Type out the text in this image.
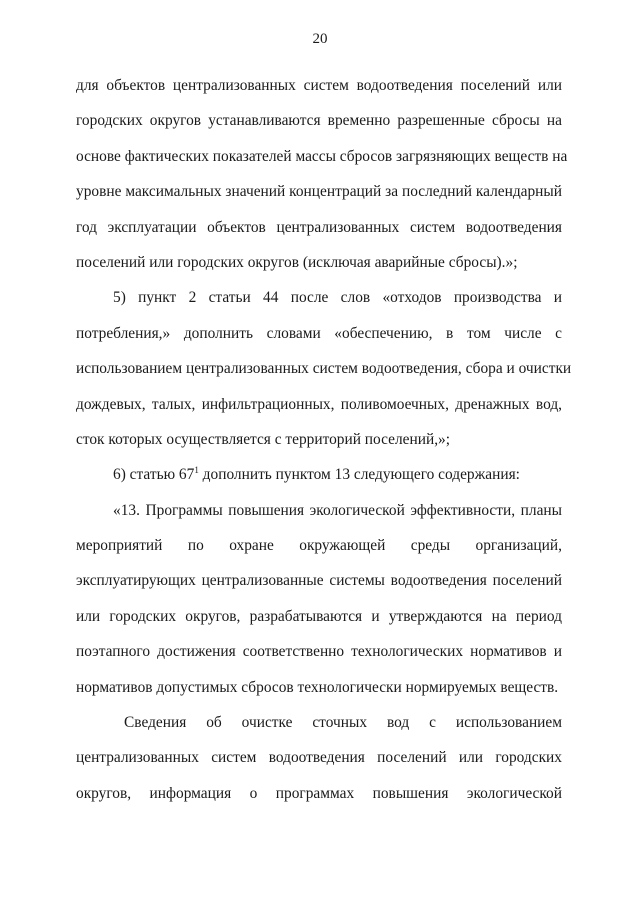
20
для объектов централизованных систем водоотведения поселений или
городских округов устанавливаются временно разрешенные сбросы на
основе фактических показателей массы сбросов загрязняющих веществ на
уровне максимальных значений концентраций за последний календарный
год эксплуатации объектов централизованных систем водоотведения
поселений или городских округов (исключая аварийные сбросы).»;
5) пункт 2 статьи 44 после слов «отходов производства и
потребления,» дополнить словами «обеспечению, в том числе с
использованием централизованных систем водоотведения, сбора и очистки
дождевых, талых, инфильтрационных, поливомоечных, дренажных вод,
сток которых осуществляется с территорий поселений,»;
6) статью $67^1$ дополнить пунктом 13 следующего содержания:
«13. Программы повышения экологической эффективности, планы
мероприятий по охране окружающей среды организаций,
эксплуатирующих централизованные системы водоотведения поселений
или городских округов, разрабатываются и утверждаются на период
поэтапного достижения соответственно технологических нормативов и
нормативов допустимых сбросов технологически нормируемых веществ.
Сведения об очистке сточных вод с использованием
централизованных систем водоотведения поселений или городских
округов, информация о программах повышения экологической
